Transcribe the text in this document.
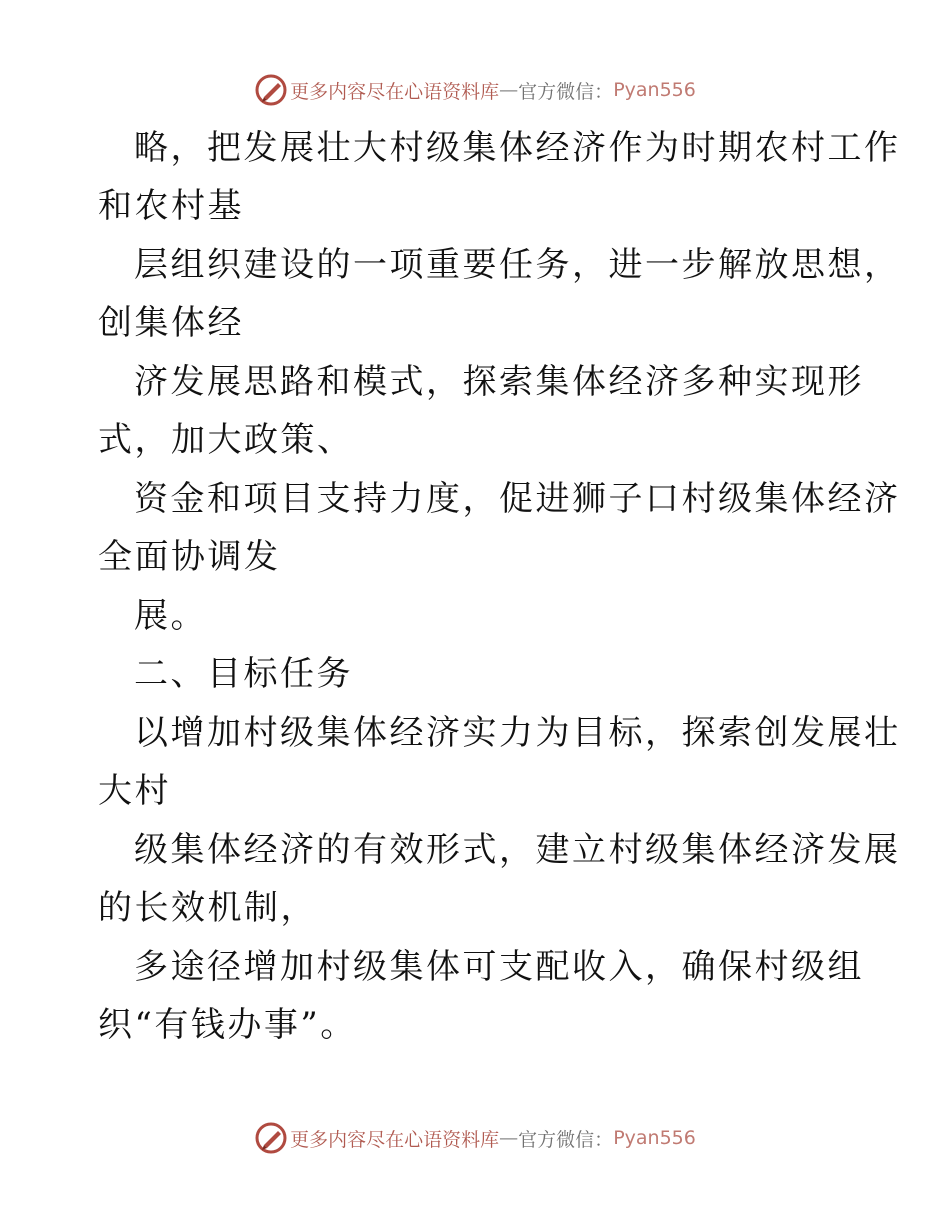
更多内容尽在心语资料库 — 官方微信： Pyan556
略，把发展壮大村级集体经济作为时期农村工作
和农村基
层组织建设的一项重要任务，进一步解放思想，
创集体经
济发展思路和模式，探索集体经济多种实现形
式，加大政策、
资金和项目支持力度，促进狮子口村级集体经济
全面协调发
展。
二、目标任务
以增加村级集体经济实力为目标，探索创发展壮
大村
级集体经济的有效形式，建立村级集体经济发展
的长效机制，
多途径增加村级集体可支配收入，确保村级组
织“有钱办事”。
更多内容尽在心语资料库 — 官方微信： Pyan556
